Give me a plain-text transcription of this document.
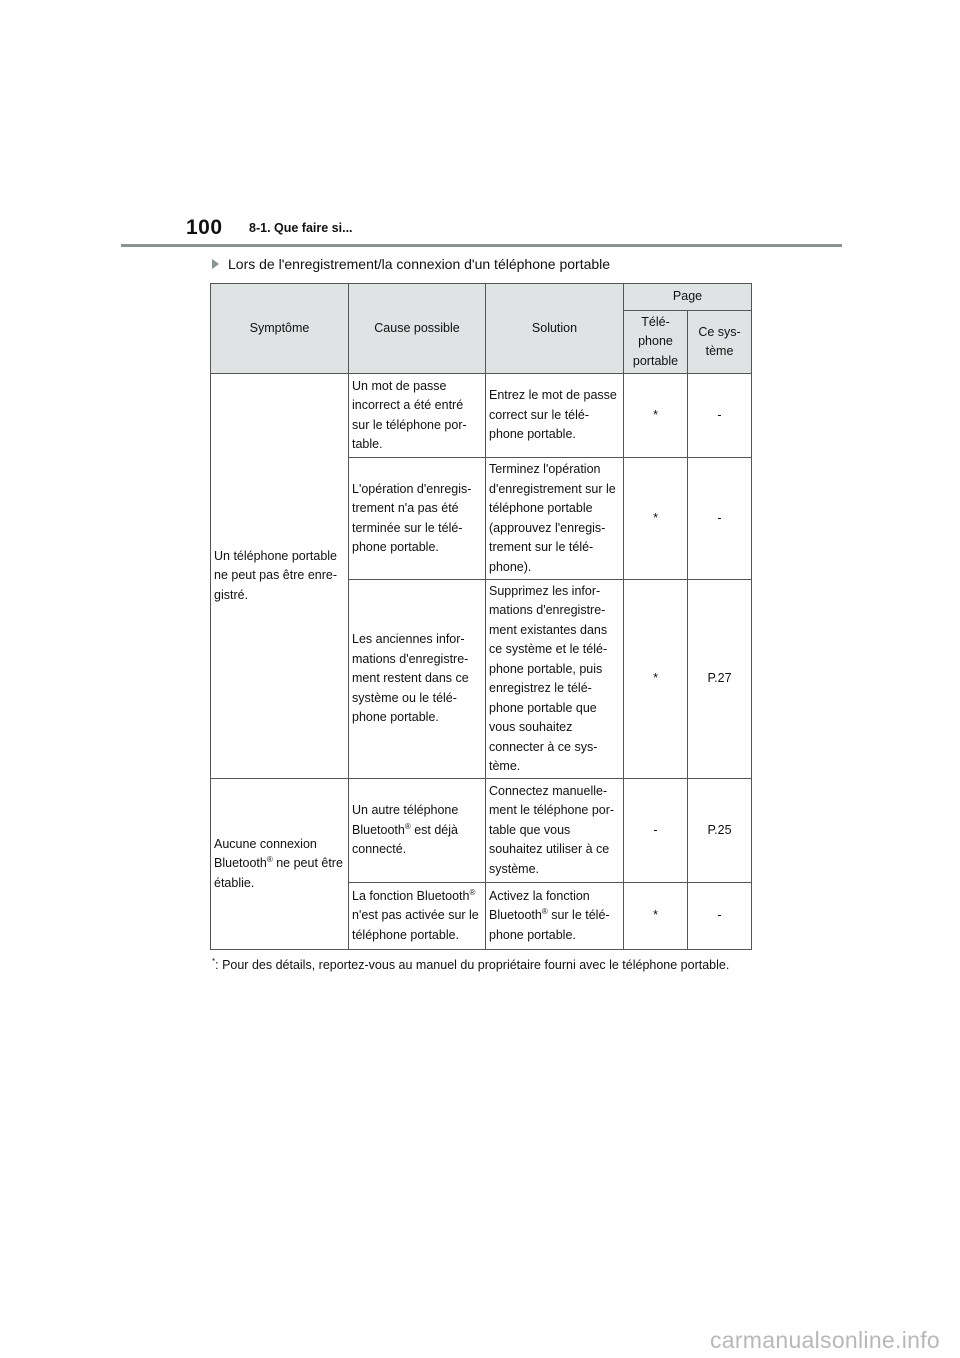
100 8-1. Que faire si...
Lors de l'enregistrement/la connexion d'un téléphone portable
Symptôme	Cause possible	Solution	Page	
			Télé-phone portable	Ce sys-tème
Un téléphone portable ne peut pas être enre-gistré.	Un mot de passe incorrect a été entré sur le téléphone por-table.	Entrez le mot de passe correct sur le télé-phone portable.	*	-
	L'opération d'enregis-trement n'a pas été terminée sur le télé-phone portable.	Terminez l'opération d'enregistrement sur le téléphone portable (approuvez l'enregis-trement sur le télé-phone).	*	-
	Les anciennes infor-mations d'enregistre-ment restent dans ce système ou le télé-phone portable.	Supprimez les infor-mations d'enregistre-ment existantes dans ce système et le télé-phone portable, puis enregistrez le télé-phone portable que vous souhaitez connecter à ce sys-tème.	*	P.27
Aucune connexion Bluetooth® ne peut être établie.	Un autre téléphone Bluetooth® est déjà connecté.	Connectez manuelle-ment le téléphone por-table que vous souhaitez utiliser à ce système.	-	P.25
	La fonction Bluetooth® n'est pas activée sur le téléphone portable.	Activez la fonction Bluetooth® sur le télé-phone portable.	*	-
*: Pour des détails, reportez-vous au manuel du propriétaire fourni avec le téléphone portable.
carmanualsonline.info
